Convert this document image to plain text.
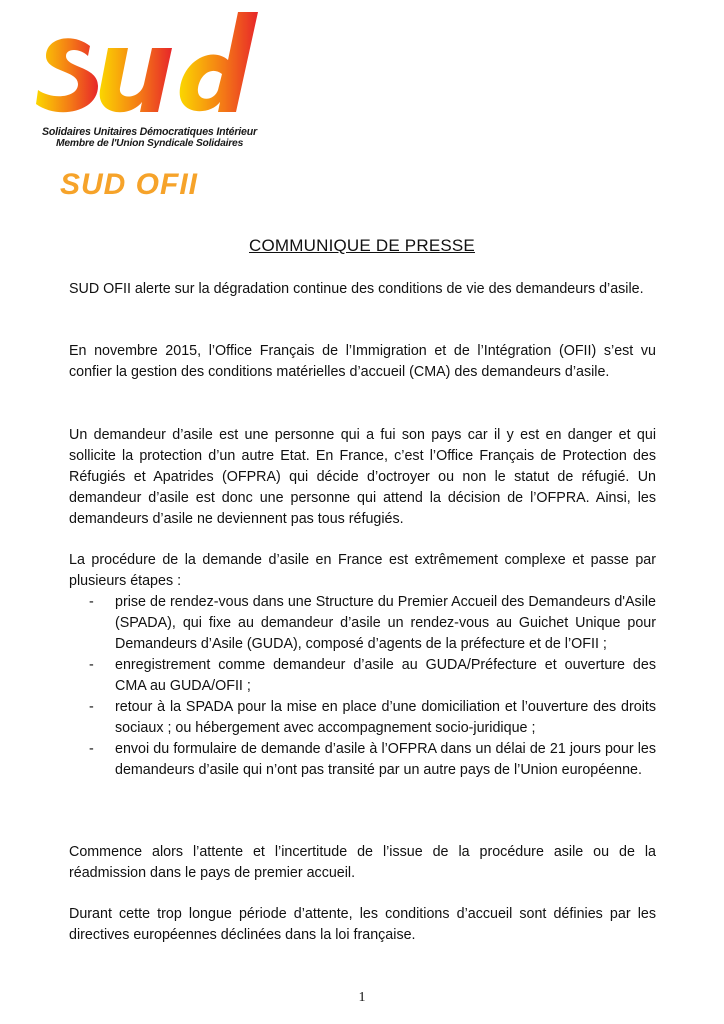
Solidaires Unitaires Démocratiques Intérieur
Membre de l'Union Syndicale Solidaires
SUD OFII
COMMUNIQUE DE PRESSE

SUD OFII alerte sur la dégradation continue des conditions de vie des demandeurs d’asile.

En novembre 2015, l’Office Français de l’Immigration et de l’Intégration (OFII) s’est vu confier la gestion des conditions matérielles d’accueil (CMA) des demandeurs d’asile.

Un demandeur d’asile est une personne qui a fui son pays car il y est en danger et qui sollicite la protection d’un autre Etat. En France, c’est l’Office Français de Protection des Réfugiés et Apatrides (OFPRA) qui décide d’octroyer ou non le statut de réfugié. Un demandeur d’asile est donc une personne qui attend la décision de l’OFPRA. Ainsi, les demandeurs d’asile ne deviennent pas tous réfugiés.

La procédure de la demande d’asile en France est extrêmement complexe et passe par plusieurs étapes :

- prise de rendez-vous dans une Structure du Premier Accueil des Demandeurs d'Asile (SPADA), qui fixe au demandeur d’asile un rendez-vous au Guichet Unique pour Demandeurs d’Asile (GUDA), composé d’agents de la préfecture et de l’OFII ;
- enregistrement comme demandeur d’asile au GUDA/Préfecture et ouverture des CMA au GUDA/OFII ;
- retour à la SPADA pour la mise en place d’une domiciliation et l’ouverture des droits sociaux ; ou hébergement avec accompagnement socio-juridique ;
- envoi du formulaire de demande d’asile à l’OFPRA dans un délai de 21 jours pour les demandeurs d’asile qui n’ont pas transité par un autre pays de l’Union européenne.

Commence alors l’attente et l’incertitude de l’issue de la procédure asile ou de la réadmission dans le pays de premier accueil.

Durant cette trop longue période d’attente, les conditions d’accueil sont définies par les directives européennes déclinées dans la loi française.

1
